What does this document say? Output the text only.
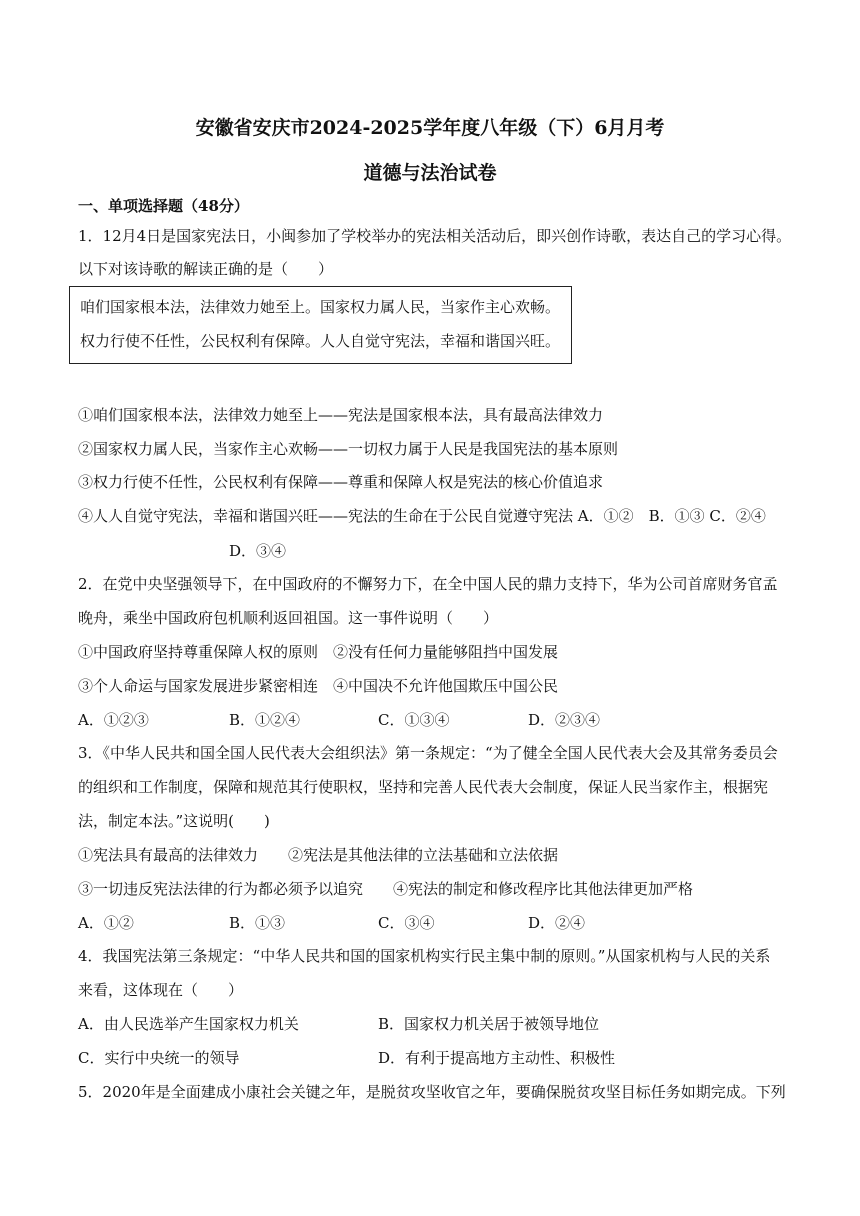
安徽省安庆市2024-2025学年度八年级（下）6月月考
道德与法治试卷
一、单项选择题（48分）
1．12月4日是国家宪法日，小闽参加了学校举办的宪法相关活动后，即兴创作诗歌，表达自己的学习心得。
以下对该诗歌的解读正确的是（　　）
咱们国家根本法，法律效力她至上。国家权力属人民，当家作主心欢畅。
权力行使不任性，公民权利有保障。人人自觉守宪法，幸福和谐国兴旺。
①咱们国家根本法，法律效力她至上——宪法是国家根本法，具有最高法律效力
②国家权力属人民，当家作主心欢畅——一切权力属于人民是我国宪法的基本原则
③权力行使不任性，公民权利有保障——尊重和保障人权是宪法的核心价值追求
④人人自觉守宪法，幸福和谐国兴旺——宪法的生命在于公民自觉遵守宪法 A．①②　B．①③ C．②④
D．③④
2．在党中央坚强领导下，在中国政府的不懈努力下，在全中国人民的鼎力支持下，华为公司首席财务官孟
晚舟，乘坐中国政府包机顺利返回祖国。这一事件说明（　　）
①中国政府坚持尊重保障人权的原则　②没有任何力量能够阻挡中国发展
③个人命运与国家发展进步紧密相连　④中国决不允许他国欺压中国公民
A．①②③	B．①②④	C．①③④	D．②③④
3．《中华人民共和国全国人民代表大会组织法》第一条规定：“为了健全全国人民代表大会及其常务委员会
的组织和工作制度，保障和规范其行使职权，坚持和完善人民代表大会制度，保证人民当家作主，根据宪
法，制定本法。”这说明(　　)
①宪法具有最高的法律效力　　②宪法是其他法律的立法基础和立法依据
③一切违反宪法法律的行为都必须予以追究　　④宪法的制定和修改程序比其他法律更加严格
A．①②	B．①③	C．③④	D．②④
4．我国宪法第三条规定：“中华人民共和国的国家机构实行民主集中制的原则。”从国家机构与人民的关系
来看，这体现在（　　）
A．由人民选举产生国家权力机关	B．国家权力机关居于被领导地位
C．实行中央统一的领导	D．有利于提高地方主动性、积极性
5．2020年是全面建成小康社会关键之年，是脱贫攻坚收官之年，要确保脱贫攻坚目标任务如期完成。下列
